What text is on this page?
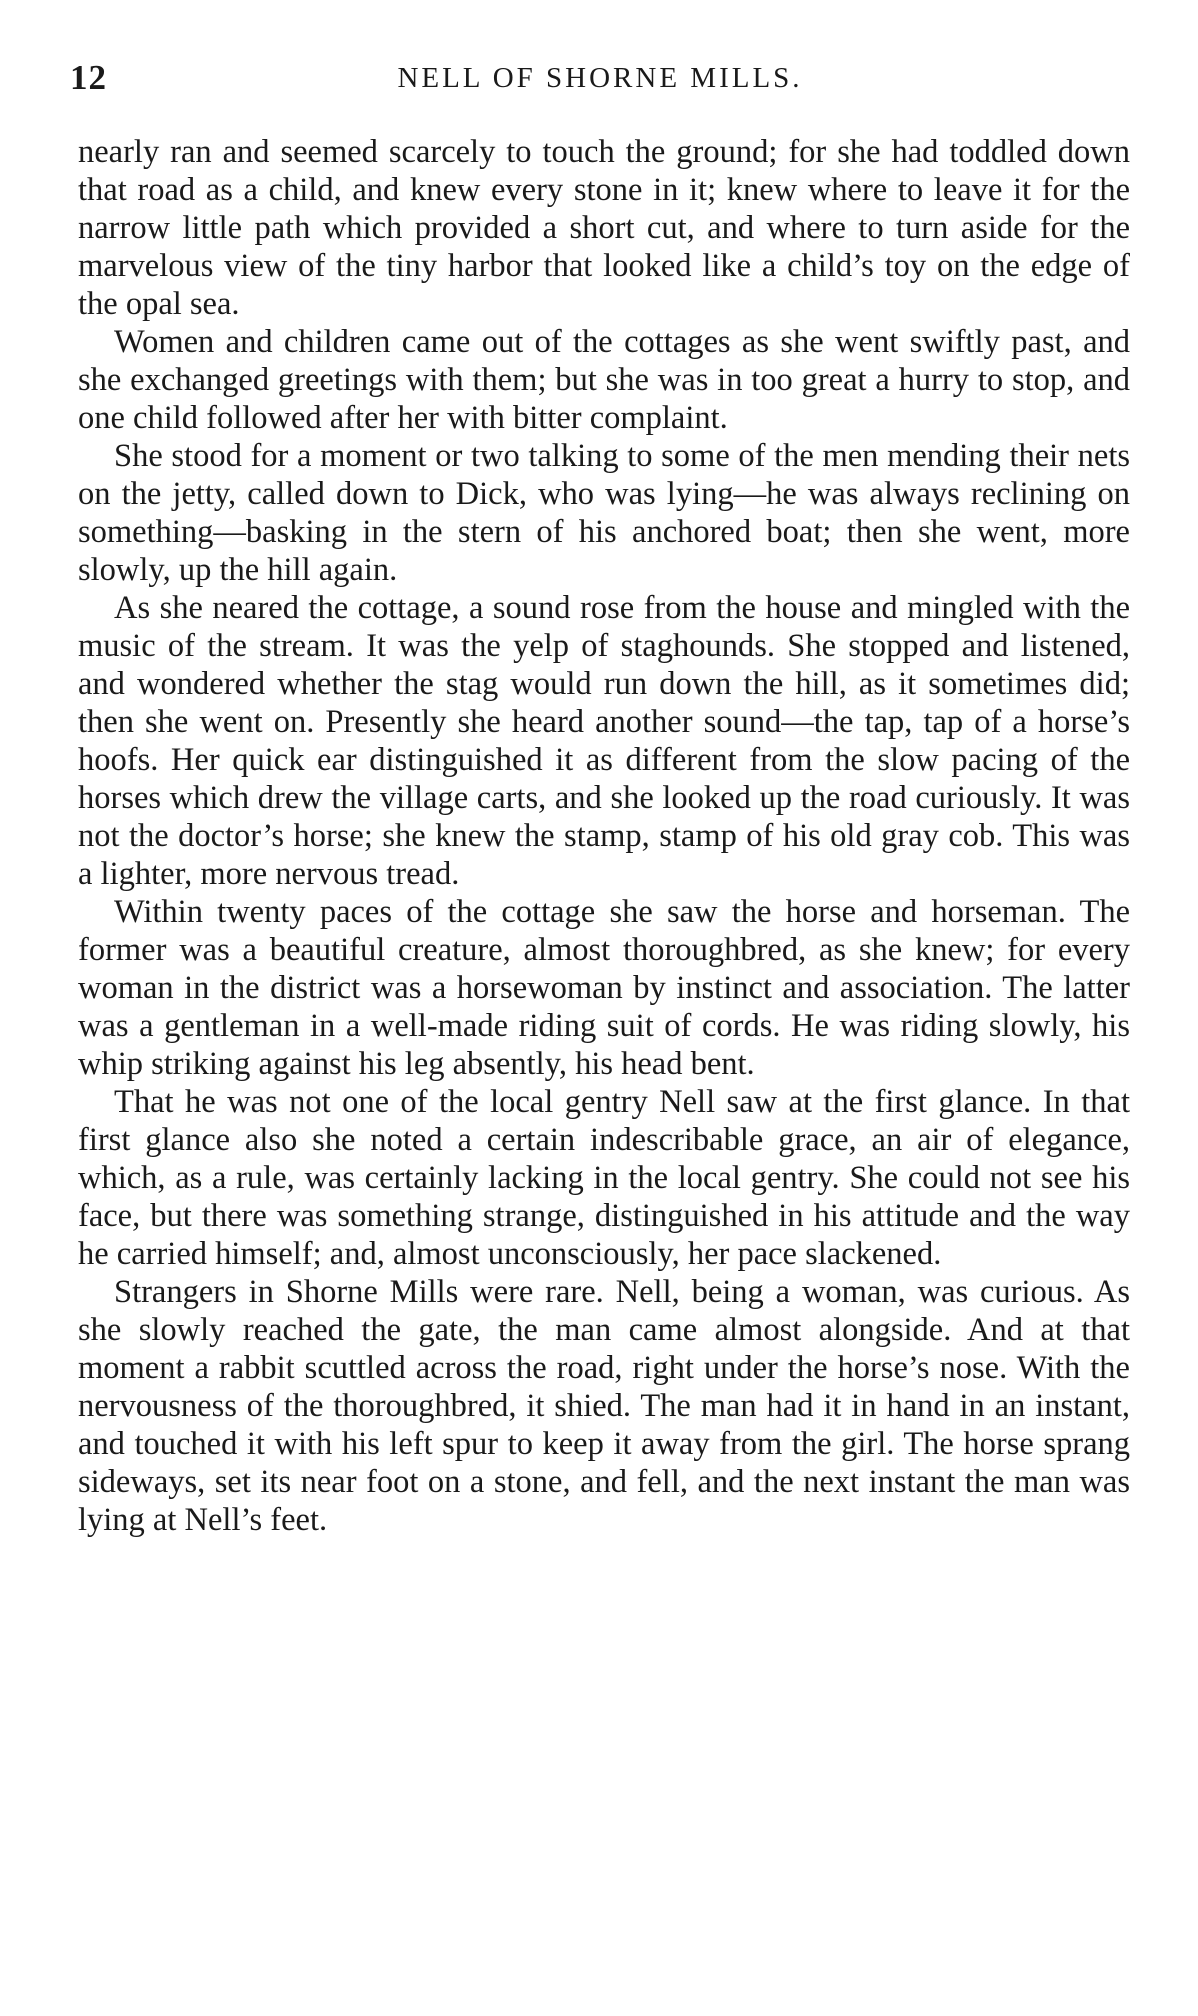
12	NELL OF SHORNE MILLS.

nearly ran and seemed scarcely to touch the ground; for she had toddled down that road as a child, and knew every stone in it; knew where to leave it for the narrow little path which provided a short cut, and where to turn aside for the marvelous view of the tiny harbor that looked like a child’s toy on the edge of the opal sea.

Women and children came out of the cottages as she went swiftly past, and she exchanged greetings with them; but she was in too great a hurry to stop, and one child followed after her with bitter complaint.

She stood for a moment or two talking to some of the men mending their nets on the jetty, called down to Dick, who was lying—he was always reclining on something—basking in the stern of his anchored boat; then she went, more slowly, up the hill again.

As she neared the cottage, a sound rose from the house and mingled with the music of the stream. It was the yelp of staghounds. She stopped and listened, and wondered whether the stag would run down the hill, as it sometimes did; then she went on. Presently she heard another sound—the tap, tap of a horse’s hoofs. Her quick ear distinguished it as different from the slow pacing of the horses which drew the village carts, and she looked up the road curiously. It was not the doctor’s horse; she knew the stamp, stamp of his old gray cob. This was a lighter, more nervous tread.

Within twenty paces of the cottage she saw the horse and horseman. The former was a beautiful creature, almost thoroughbred, as she knew; for every woman in the district was a horsewoman by instinct and association. The latter was a gentleman in a well-made riding suit of cords. He was riding slowly, his whip striking against his leg absently, his head bent.

That he was not one of the local gentry Nell saw at the first glance. In that first glance also she noted a certain indescribable grace, an air of elegance, which, as a rule, was certainly lacking in the local gentry. She could not see his face, but there was something strange, distinguished in his attitude and the way he carried himself; and, almost unconsciously, her pace slackened.

Strangers in Shorne Mills were rare. Nell, being a woman, was curious. As she slowly reached the gate, the man came almost alongside. And at that moment a rabbit scuttled across the road, right under the horse’s nose. With the nervousness of the thoroughbred, it shied. The man had it in hand in an instant, and touched it with his left spur to keep it away from the girl. The horse sprang sideways, set its near foot on a stone, and fell, and the next instant the man was lying at Nell’s feet.
